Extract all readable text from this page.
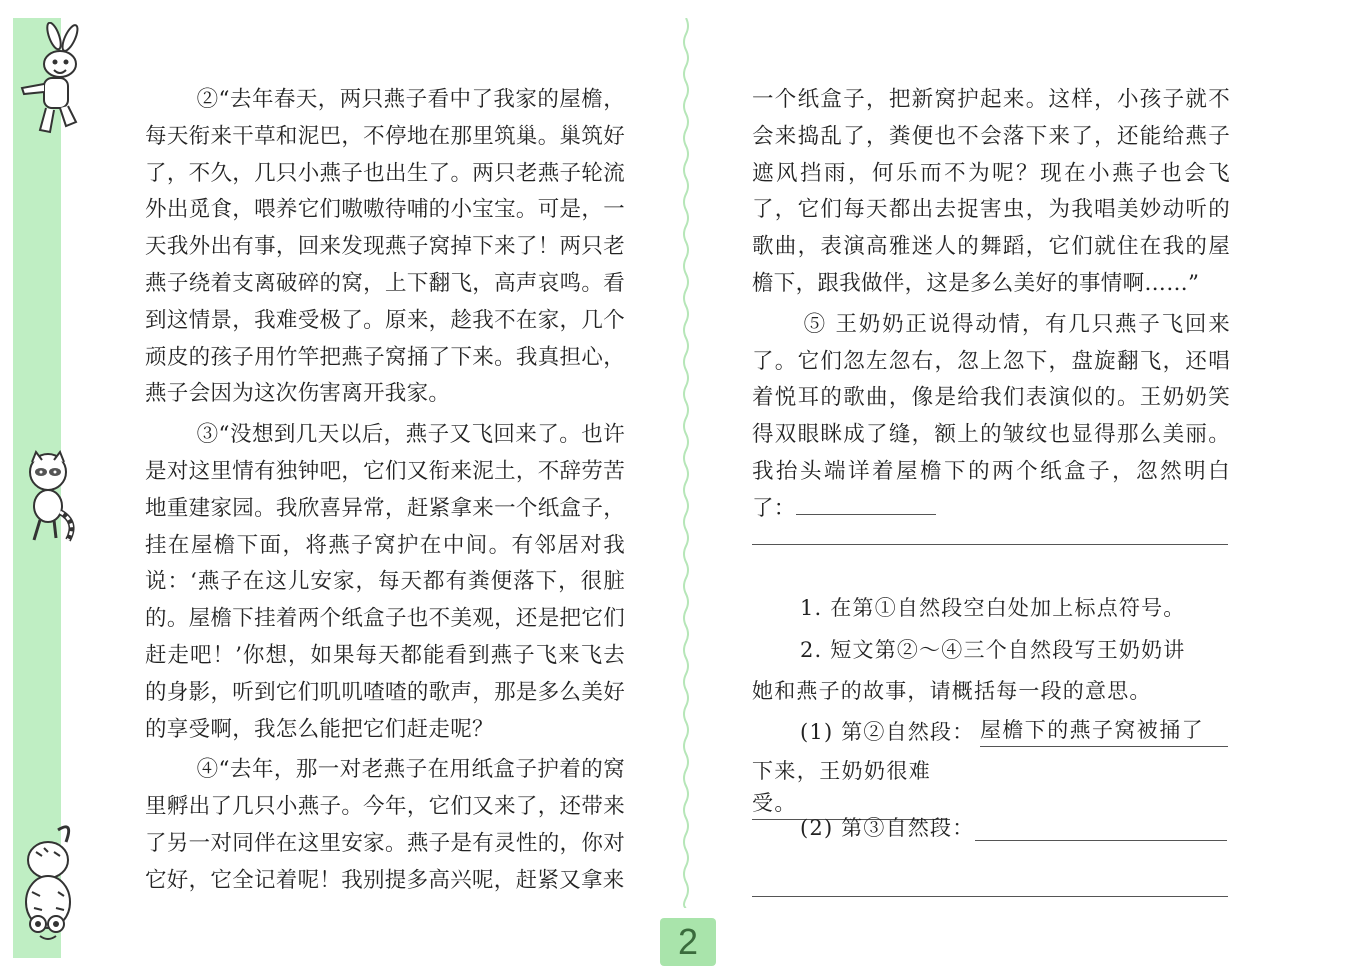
②“去年春天，两只燕子看中了我家的屋檐，每天衔来干草和泥巴，不停地在那里筑巢。巢筑好了，不久，几只小燕子也出生了。两只老燕子轮流外出觅食，喂养它们嗷嗷待哺的小宝宝。可是，一天我外出有事，回来发现燕子窝掉下来了！两只老燕子绕着支离破碎的窝，上下翻飞，高声哀鸣。看到这情景，我难受极了。原来，趁我不在家，几个顽皮的孩子用竹竿把燕子窝捅了下来。我真担心，燕子会因为这次伤害离开我家。

③“没想到几天以后，燕子又飞回来了。也许是对这里情有独钟吧，它们又衔来泥土，不辞劳苦地重建家园。我欣喜异常，赶紧拿来一个纸盒子，挂在屋檐下面，将燕子窝护在中间。有邻居对我说：‘燕子在这儿安家，每天都有粪便落下，很脏的。屋檐下挂着两个纸盒子也不美观，还是把它们赶走吧！’你想，如果每天都能看到燕子飞来飞去的身影，听到它们叽叽喳喳的歌声，那是多么美好的享受啊，我怎么能把它们赶走呢？

④“去年，那一对老燕子在用纸盒子护着的窝里孵出了几只小燕子。今年，它们又来了，还带来了另一对同伴在这里安家。燕子是有灵性的，你对它好，它全记着呢！我别提多高兴呢，赶紧又拿来

一个纸盒子，把新窝护起来。这样，小孩子就不会来捣乱了，粪便也不会落下来了，还能给燕子遮风挡雨，何乐而不为呢？现在小燕子也会飞了，它们每天都出去捉害虫，为我唱美妙动听的歌曲，表演高雅迷人的舞蹈，它们就住在我的屋檐下，跟我做伴，这是多么美好的事情啊……”

⑤ 王奶奶正说得动情，有几只燕子飞回来了。它们忽左忽右，忽上忽下，盘旋翻飞，还唱着悦耳的歌曲，像是给我们表演似的。王奶奶笑得双眼眯成了缝，额上的皱纹也显得那么美丽。我抬头端详着屋檐下的两个纸盒子，忽然明白了：

1. 在第①自然段空白处加上标点符号。

2. 短文第②～④三个自然段写王奶奶讲

她和燕子的故事，请概括每一段的意思。

(1) 第②自然段： 屋檐下的燕子窝被捅了
下来，王奶奶很难受。

(2) 第③自然段：

2
